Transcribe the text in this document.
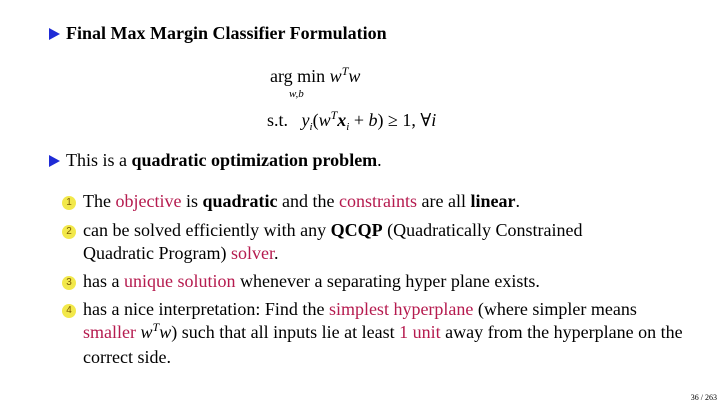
Final Max Margin Classifier Formulation
arg $\min w^Tw$
w,b
s.t. $y_i(w^Tx_i + b) \ge 1$, ∀i
This is a quadratic optimization problem.
1 The objective is quadratic and the constraints are all linear.
2 can be solved efficiently with any QCQP (Quadratically Constrained Quadratic Program) solver.
3 has a unique solution whenever a separating hyper plane exists.
4 has a nice interpretation: Find the simplest hyperplane (where simpler means smaller $w^Tw$) such that all inputs lie at least 1 unit away from the hyperplane on the correct side.
36 / 263
